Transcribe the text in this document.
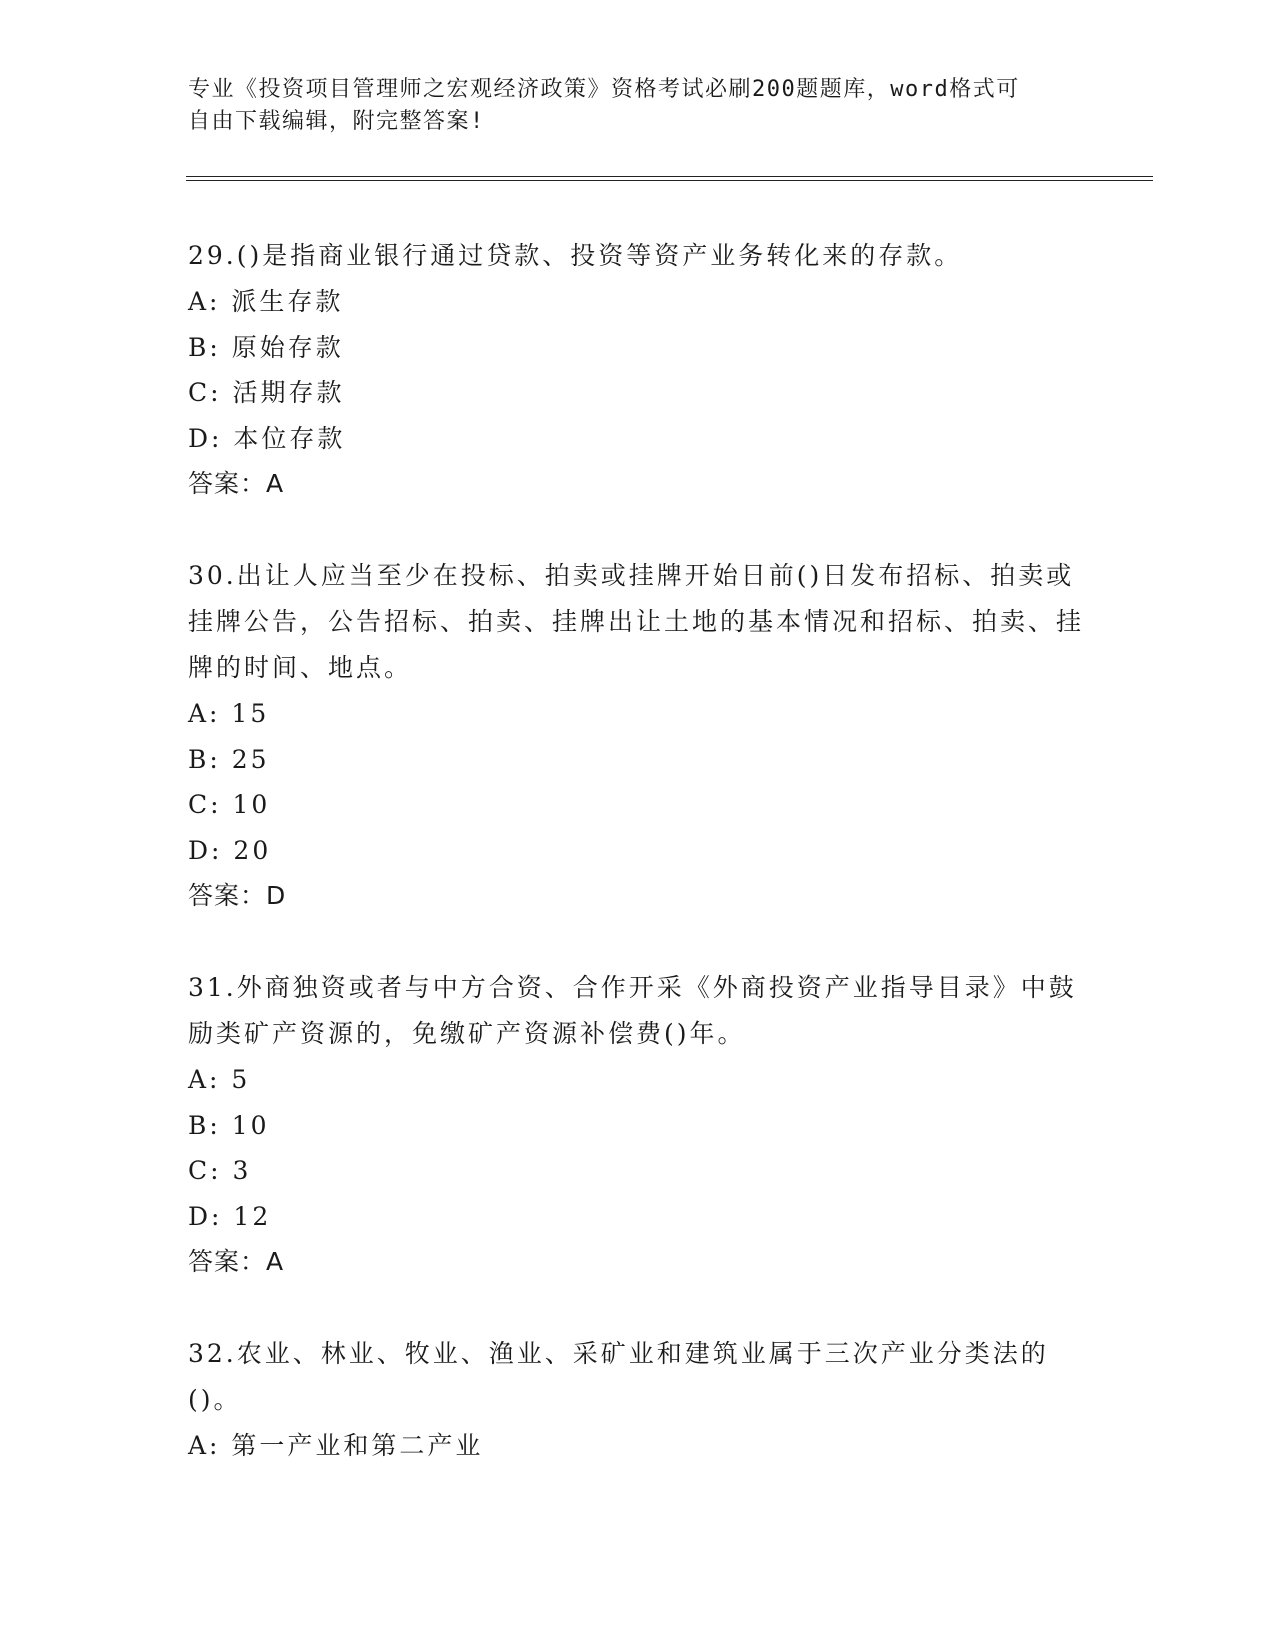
专业《投资项目管理师之宏观经济政策》资格考试必刷200题题库，word格式可
自由下载编辑，附完整答案!

29.()是指商业银行通过贷款、投资等资产业务转化来的存款。

A: 派生存款

B: 原始存款

C: 活期存款

D: 本位存款

答案：A

30.出让人应当至少在投标、拍卖或挂牌开始日前()日发布招标、拍卖或挂牌公告，公告招标、拍卖、挂牌出让土地的基本情况和招标、拍卖、挂牌的时间、地点。

A: 15

B: 25

C: 10

D: 20

答案：D

31.外商独资或者与中方合资、合作开采《外商投资产业指导目录》中鼓励类矿产资源的，免缴矿产资源补偿费()年。

A: 5

B: 10

C: 3

D: 12

答案：A

32.农业、林业、牧业、渔业、采矿业和建筑业属于三次产业分类法的()。

A: 第一产业和第二产业
